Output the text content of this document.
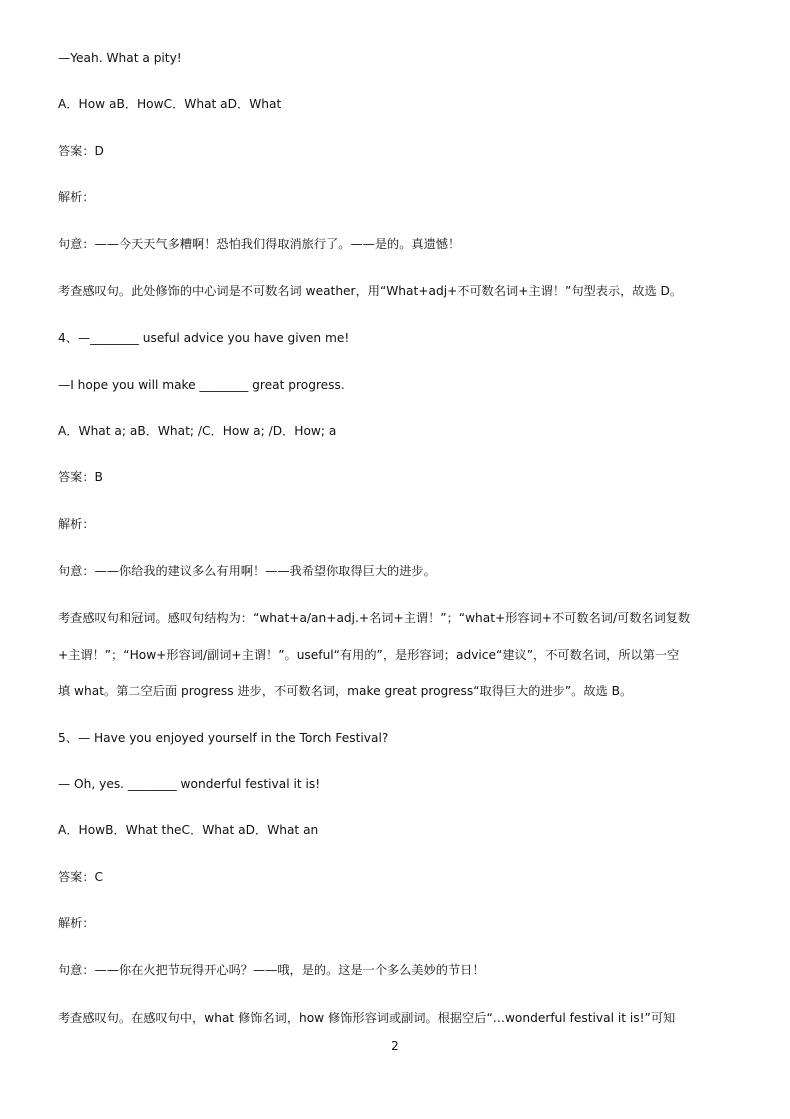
—Yeah. What a pity!
A．How aB．HowC．What aD．What
答案：D
解析：
句意：——今天天气多糟啊！恐怕我们得取消旅行了。——是的。真遗憾！
考查感叹句。此处修饰的中心词是不可数名词 weather，用“What+adj+不可数名词+主谓！”句型表示，故选 D。
4、—________ useful advice you have given me!
—I hope you will make ________ great progress.
A．What a; aB．What; /C．How a; /D．How; a
答案：B
解析：
句意：——你给我的建议多么有用啊！——我希望你取得巨大的进步。
考查感叹句和冠词。感叹句结构为：“what+a/an+adj.+名词+主谓！”；“what+形容词+不可数名词/可数名词复数
+主谓！”；“How+形容词/副词+主谓！”。useful“有用的”，是形容词；advice“建议”，不可数名词，所以第一空
填 what。第二空后面 progress 进步，不可数名词，make great progress“取得巨大的进步”。故选 B。
5、— Have you enjoyed yourself in the Torch Festival?
— Oh, yes. ________ wonderful festival it is!
A．HowB．What theC．What aD．What an
答案：C
解析：
句意：——你在火把节玩得开心吗？——哦，是的。这是一个多么美妙的节日！
考查感叹句。在感叹句中，what 修饰名词，how 修饰形容词或副词。根据空后“…wonderful festival it is!”可知
2
